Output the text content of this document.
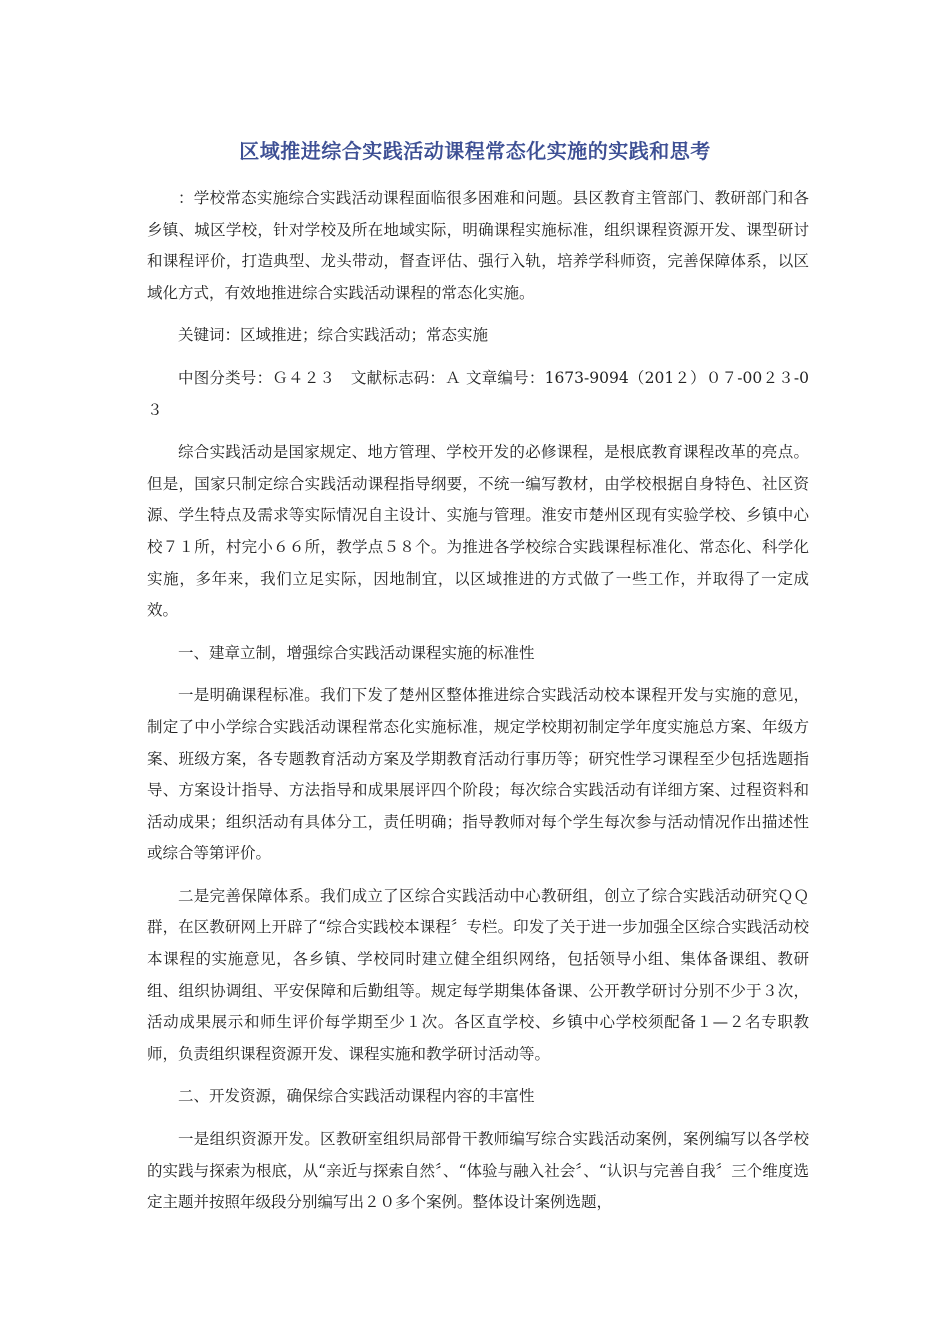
区域推进综合实践活动课程常态化实施的实践和思考

：学校常态实施综合实践活动课程面临很多困难和问题。县区教育主管部门、教研部门和各乡镇、城区学校，针对学校及所在地域实际，明确课程实施标准，组织课程资源开发、课型研讨和课程评价，打造典型、龙头带动，督查评估、强行入轨，培养学科师资，完善保障体系，以区域化方式，有效地推进综合实践活动课程的常态化实施。

关键词：区域推进；综合实践活动；常态实施

中图分类号：Ｇ４２３　文献标志码：Ａ 文章编号：1673-9094（201２）０７-00２３-0３

综合实践活动是国家规定、地方管理、学校开发的必修课程，是根底教育课程改革的亮点。但是，国家只制定综合实践活动课程指导纲要，不统一编写教材，由学校根据自身特色、社区资源、学生特点及需求等实际情况自主设计、实施与管理。淮安市楚州区现有实验学校、乡镇中心校７１所，村完小６６所，教学点５８个。为推进各学校综合实践课程标准化、常态化、科学化实施，多年来，我们立足实际，因地制宜，以区域推进的方式做了一些工作，并取得了一定成效。

一、建章立制，增强综合实践活动课程实施的标准性

一是明确课程标准。我们下发了楚州区整体推进综合实践活动校本课程开发与实施的意见，制定了中小学综合实践活动课程常态化实施标准，规定学校期初制定学年度实施总方案、年级方案、班级方案，各专题教育活动方案及学期教育活动行事历等；研究性学习课程至少包括选题指导、方案设计指导、方法指导和成果展评四个阶段；每次综合实践活动有详细方案、过程资料和活动成果；组织活动有具体分工，责任明确；指导教师对每个学生每次参与活动情况作出描述性或综合等第评价。

二是完善保障体系。我们成立了区综合实践活动中心教研组，创立了综合实践活动研究ＱＱ群，在区教研网上开辟了“综合实践校本课程〞专栏。印发了关于进一步加强全区综合实践活动校本课程的实施意见，各乡镇、学校同时建立健全组织网络，包括领导小组、集体备课组、教研组、组织协调组、平安保障和后勤组等。规定每学期集体备课、公开教学研讨分别不少于３次，活动成果展示和师生评价每学期至少１次。各区直学校、乡镇中心学校须配备１—２名专职教师，负责组织课程资源开发、课程实施和教学研讨活动等。

二、开发资源，确保综合实践活动课程内容的丰富性

一是组织资源开发。区教研室组织局部骨干教师编写综合实践活动案例，案例编写以各学校的实践与探索为根底，从“亲近与探索自然〞、“体验与融入社会〞、“认识与完善自我〞三个维度选定主题并按照年级段分别编写出２０多个案例。整体设计案例选题，
